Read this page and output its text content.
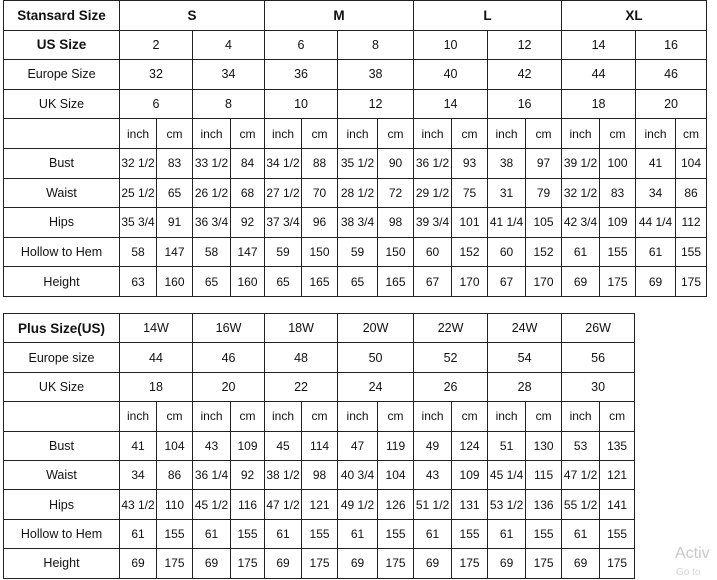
Stansard Size	S				M				L				XL			
US Size	2		4		6		8		10		12		14		16	
Europe Size	32		34		36		38		40		42		44		46	
UK Size	6		8		10		12		14		16		18		20	
	inch	cm	inch	cm	inch	cm	inch	cm	inch	cm	inch	cm	inch	cm	inch	cm
Bust	32 1/2	83	33 1/2	84	34 1/2	88	35 1/2	90	36 1/2	93	38	97	39 1/2	100	41	104
Waist	25 1/2	65	26 1/2	68	27 1/2	70	28 1/2	72	29 1/2	75	31	79	32 1/2	83	34	86
Hips	35 3/4	91	36 3/4	92	37 3/4	96	38 3/4	98	39 3/4	101	41 1/4	105	42 3/4	109	44 1/4	112
Hollow to Hem	58	147	58	147	59	150	59	150	60	152	60	152	61	155	61	155
Height	63	160	65	160	65	165	65	165	67	170	67	170	69	175	69	175
Plus Size(US)	14W		16W		18W		20W		22W		24W		26W	
Europe size	44		46		48		50		52		54		56	
UK Size	18		20		22		24		26		28		30	
	inch	cm	inch	cm	inch	cm	inch	cm	inch	cm	inch	cm	inch	cm
Bust	41	104	43	109	45	114	47	119	49	124	51	130	53	135
Waist	34	86	36 1/4	92	38 1/2	98	40 3/4	104	43	109	45 1/4	115	47 1/2	121
Hips	43 1/2	110	45 1/2	116	47 1/2	121	49 1/2	126	51 1/2	131	53 1/2	136	55 1/2	141
Hollow to Hem	61	155	61	155	61	155	61	155	61	155	61	155	61	155
Height	69	175	69	175	69	175	69	175	69	175	69	175	69	175
Activ
Go to
